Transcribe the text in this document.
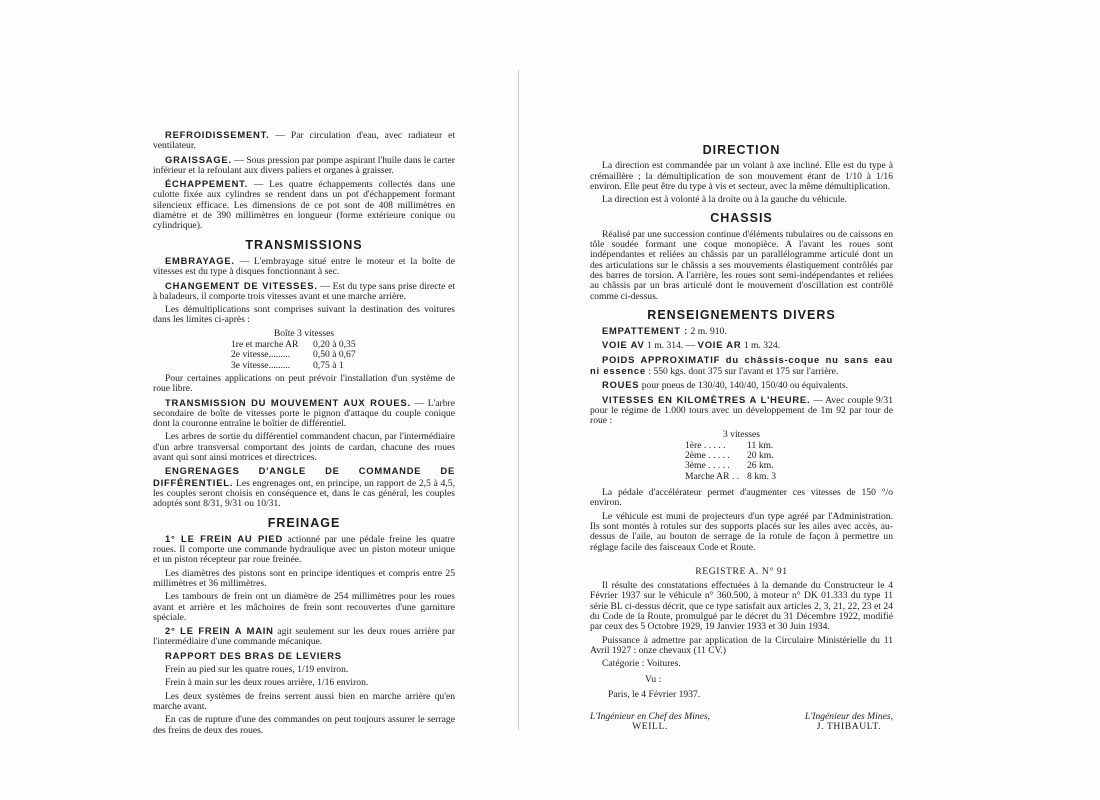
REFROIDISSEMENT. — Par circulation d'eau, avec radiateur et ventilateur.

GRAISSAGE. — Sous pression par pompe aspirant l'huile dans le carter inférieur et la refoulant aux divers paliers et organes à graisser.

ÉCHAPPEMENT. — Les quatre échappements collectés dans une culotte fixée aux cylindres se rendent dans un pot d'échappement formant silencieux efficace. Les dimensions de ce pot sont de 408 millimètres en diamètre et de 390 millimètres en longueur (forme extérieure conique ou cylindrique).

TRANSMISSIONS

EMBRAYAGE. — L'embrayage situé entre le moteur et la boîte de vitesses est du type à disques fonctionnant à sec.

CHANGEMENT DE VITESSES. — Est du type sans prise directe et à baladeurs, il comporte trois vitesses avant et une marche arrière.

Les démultiplications sont comprises suivant la destination des voitures dans les limites ci-après :

Boîte 3 vitesses
1re et marche AR	0,20 à 0,35
2e vitesse.........	0,50 à 0,67
3e vitesse.........	0,75 à 1

Pour certaines applications on peut prévoir l'installation d'un système de roue libre.

TRANSMISSION DU MOUVEMENT AUX ROUES. — L'arbre secondaire de boîte de vitesses porte le pignon d'attaque du couple conique dont la couronne entraîne le boîtier de différentiel.

Les arbres de sortie du différentiel commandent chacun, par l'intermédiaire d'un arbre transversal comportant des joints de cardan, chacune des roues avant qui sont ainsi motrices et directrices.

ENGRENAGES D'ANGLE DE COMMANDE DE DIFFÉRENTIEL. Les engrenages ont, en principe, un rapport de 2,5 à 4,5, les couples seront choisis en conséquence et, dans le cas général, les couples adoptés sont 8/31, 9/31 ou 10/31.

FREINAGE

1° LE FREIN AU PIED actionné par une pédale freine les quatre roues. Il comporte une commande hydraulique avec un piston moteur unique et un piston récepteur par roue freinée.

Les diamètres des pistons sont en principe identiques et compris entre 25 millimètres et 36 millimètres.

Les tambours de frein ont un diamètre de 254 millimètres pour les roues avant et arrière et les mâchoires de frein sont recouvertes d'une garniture spéciale.

2° LE FREIN A MAIN agit seulement sur les deux roues arrière par l'intermédiaire d'une commande mécanique.

RAPPORT DES BRAS DE LEVIERS

Frein au pied sur les quatre roues, 1/19 environ.

Frein à main sur les deux roues arrière, 1/16 environ.

Les deux systèmes de freins serrent aussi bien en marche arrière qu'en marche avant.

En cas de rupture d'une des commandes on peut toujours assurer le serrage des freins de deux des roues.

DIRECTION

La direction est commandée par un volant à axe incliné. Elle est du type à crémaillère ; la démultiplication de son mouvement étant de 1/10 à 1/16 environ. Elle peut être du type à vis et secteur, avec la même démultiplication.

La direction est à volonté à la droite ou à la gauche du véhicule.

CHASSIS

Réalisé par une succession continue d'éléments tubulaires ou de caissons en tôle soudée formant une coque monopièce. A l'avant les roues sont indépendantes et reliées au châssis par un parallélogramme articulé dont un des articulations sur le châssis a ses mouvements élastiquement contrôlés par des barres de torsion. A l'arrière, les roues sont semi-indépendantes et reliées au châssis par un bras articulé dont le mouvement d'oscillation est contrôlé comme ci-dessus.

RENSEIGNEMENTS DIVERS

EMPATTEMENT : 2 m. 910.

VOIE AV 1 m. 314. — VOIE AR 1 m. 324.

POIDS APPROXIMATIF du châssis-coque nu sans eau ni essence : 550 kgs. dont 375 sur l'avant et 175 sur l'arrière.

ROUES pour pneus de 130/40, 140/40, 150/40 ou équivalents.

VITESSES EN KILOMÈTRES A L'HEURE. — Avec couple 9/31 pour le régime de 1.000 tours avec un développement de 1m 92 par tour de roue :

3 vitesses
1ère . . . . .	11 km.
2ème . . . . .	20 km.
3ème . . . . .	26 km.
Marche AR . . 8 km. 3

La pédale d'accélérateur permet d'augmenter ces vitesses de 150 °/o environ.

Le véhicule est muni de projecteurs d'un type agréé par l'Administration. Ils sont montés à rotules sur des supports placés sur les ailes avec accès, au-dessus de l'aile, au bouton de serrage de la rotule de façon à permettre un réglage facile des faisceaux Code et Route.

REGISTRE A. N° 91

Il résulte des constatations effectuées à la demande du Constructeur le 4 Février 1937 sur le véhicule n° 360.500, à moteur n° DK 01.333 du type 11 série BL ci-dessus décrit, que ce type satisfait aux articles 2, 3, 21, 22, 23 et 24 du Code de la Route, promulgué par le décret du 31 Décembre 1922, modifié par ceux des 5 Octobre 1929, 19 Janvier 1933 et 30 Juin 1934.

Puissance à admettre par application de la Circulaire Ministérielle du 11 Avril 1927 : onze chevaux (11 CV.)

Catégorie : Voitures.

Vu :
Paris, le 4 Février 1937.
L'Ingénieur en Chef des Mines,
WEILL.
L'Ingénieur des Mines,
J. THIBAULT.
